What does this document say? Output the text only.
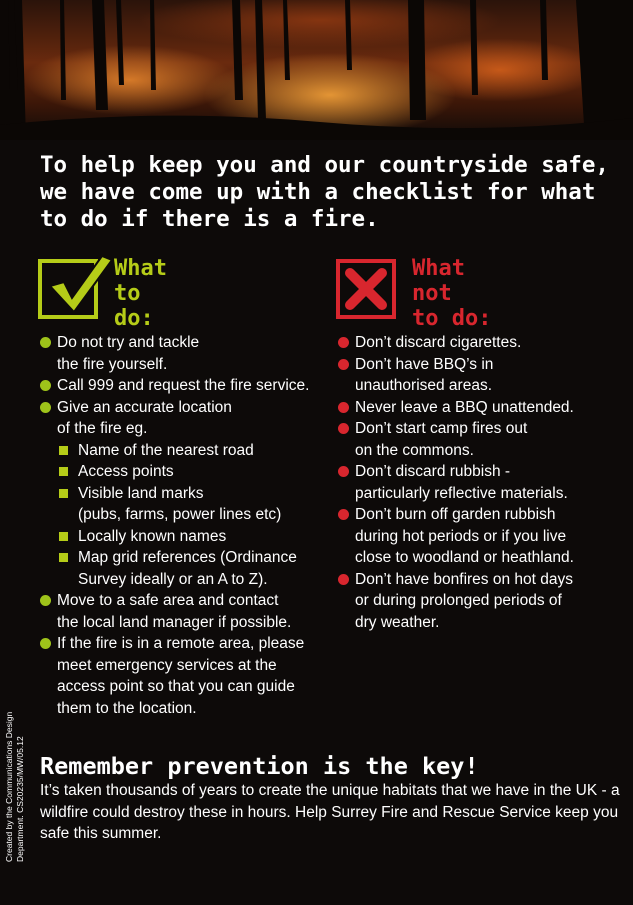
To help keep you and our countryside safe, we have come up with a checklist for what to do if there is a fire.

What
to
do:
Do not try and tackle
the fire yourself.
Call 999 and request the fire service.
Give an accurate location
of the fire eg.
Name of the nearest road
Access points
Visible land marks
(pubs, farms, power lines etc)
Locally known names
Map grid references (Ordinance
Survey ideally or an A to Z).
Move to a safe area and contact
the local land manager if possible.
If the fire is in a remote area, please
meet emergency services at the
access point so that you can guide
them to the location.
What
not
to do:
Don’t discard cigarettes.
Don’t have BBQ’s in
unauthorised areas.
Never leave a BBQ unattended.
Don’t start camp fires out
on the commons.
Don’t discard rubbish -
particularly reflective materials.
Don’t burn off garden rubbish
during hot periods or if you live
close to woodland or heathland.
Don’t have bonfires on hot days
or during prolonged periods of
dry weather.
Remember prevention is the key!

It’s taken thousands of years to create the unique habitats that we have in the UK - a wildfire could destroy these in hours. Help Surrey Fire and Rescue Service keep you safe this summer.

Created by the Communications Design Department. CS20235/MW/05.12
